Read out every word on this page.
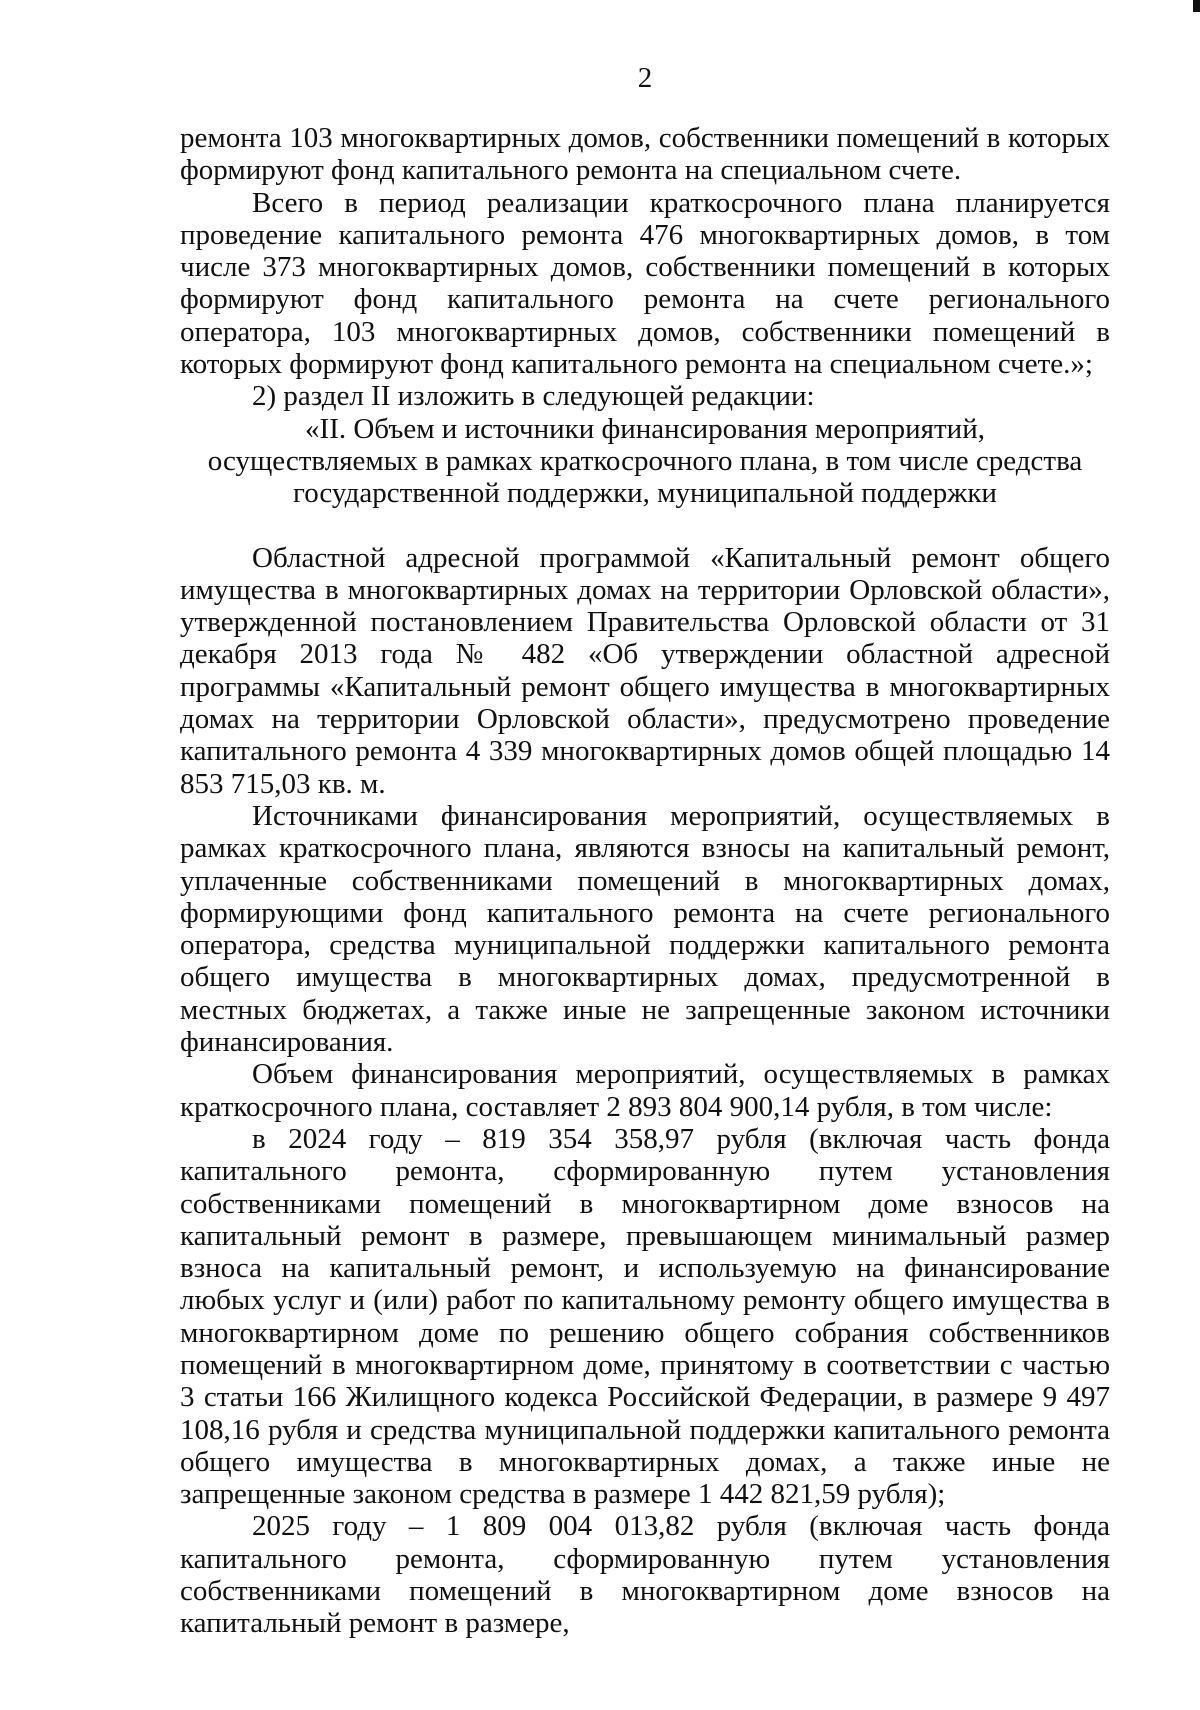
2

ремонта 103 многоквартирных домов, собственники помещений в которых формируют фонд капитального ремонта на специальном счете.

Всего в период реализации краткосрочного плана планируется проведение капитального ремонта 476 многоквартирных домов, в том числе 373 многоквартирных домов, собственники помещений в которых формируют фонд капитального ремонта на счете регионального оператора, 103 многоквартирных домов, собственники помещений в которых формируют фонд капитального ремонта на специальном счете.»;

2) раздел II изложить в следующей редакции:

«II. Объем и источники финансирования мероприятий,
осуществляемых в рамках краткосрочного плана, в том числе средства
государственной поддержки, муниципальной поддержки

Областной адресной программой «Капитальный ремонт общего имущества в многоквартирных домах на территории Орловской области», утвержденной постановлением Правительства Орловской области от 31 декабря 2013 года № 482 «Об утверждении областной адресной программы «Капитальный ремонт общего имущества в многоквартирных домах на территории Орловской области», предусмотрено проведение капитального ремонта 4 339 многоквартирных домов общей площадью 14 853 715,03 кв. м.

Источниками финансирования мероприятий, осуществляемых в рамках краткосрочного плана, являются взносы на капитальный ремонт, уплаченные собственниками помещений в многоквартирных домах, формирующими фонд капитального ремонта на счете регионального оператора, средства муниципальной поддержки капитального ремонта общего имущества в многоквартирных домах, предусмотренной в местных бюджетах, а также иные не запрещенные законом источники финансирования.

Объем финансирования мероприятий, осуществляемых в рамках краткосрочного плана, составляет 2 893 804 900,14 рубля, в том числе:

в 2024 году – 819 354 358,97 рубля (включая часть фонда капитального ремонта, сформированную путем установления собственниками помещений в многоквартирном доме взносов на капитальный ремонт в размере, превышающем минимальный размер взноса на капитальный ремонт, и используемую на финансирование любых услуг и (или) работ по капитальному ремонту общего имущества в многоквартирном доме по решению общего собрания собственников помещений в многоквартирном доме, принятому в соответствии с частью 3 статьи 166 Жилищного кодекса Российской Федерации, в размере 9 497 108,16 рубля и средства муниципальной поддержки капитального ремонта общего имущества в многоквартирных домах, а также иные не запрещенные законом средства в размере 1 442 821,59 рубля);

2025 году – 1 809 004 013,82 рубля (включая часть фонда капитального ремонта, сформированную путем установления собственниками помещений в многоквартирном доме взносов на капитальный ремонт в размере,
